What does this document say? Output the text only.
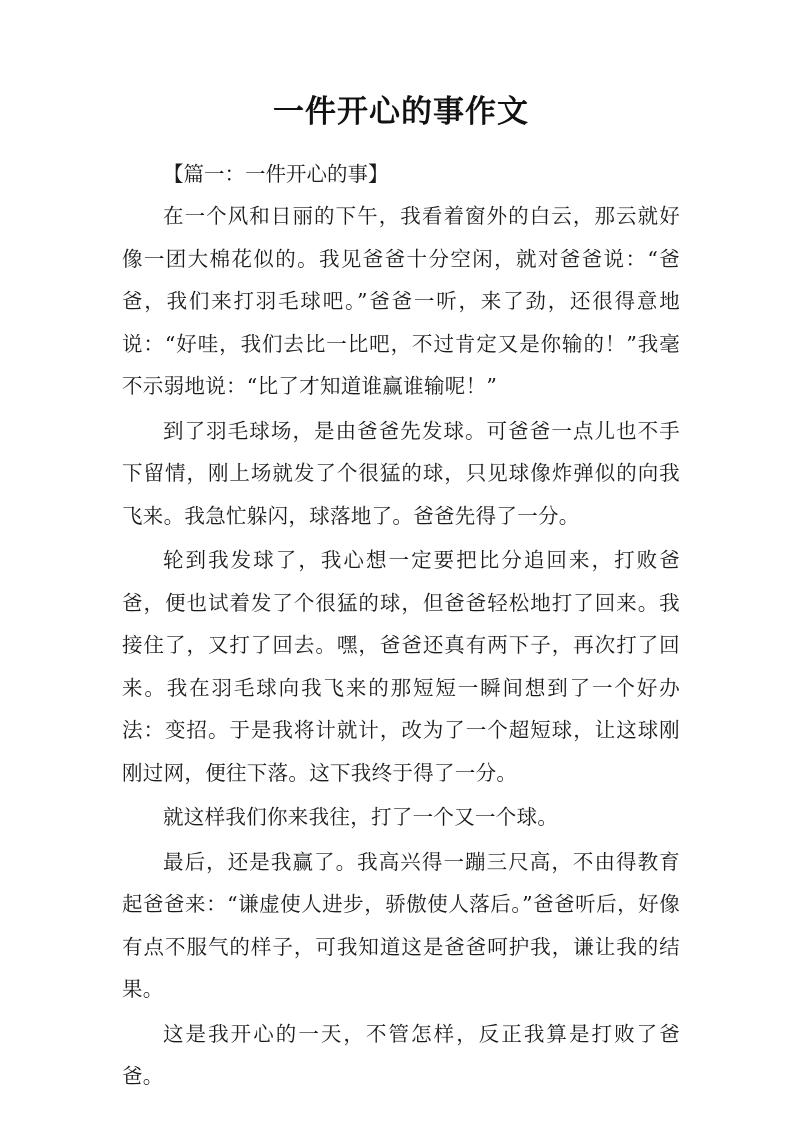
一件开心的事作文

【篇一：一件开心的事】

在一个风和日丽的下午，我看着窗外的白云，那云就好像一团大棉花似的。我见爸爸十分空闲，就对爸爸说：“爸爸，我们来打羽毛球吧。”爸爸一听，来了劲，还很得意地说：“好哇，我们去比一比吧，不过肯定又是你输的！”我毫不示弱地说：“比了才知道谁赢谁输呢！”

到了羽毛球场，是由爸爸先发球。可爸爸一点儿也不手下留情，刚上场就发了个很猛的球，只见球像炸弹似的向我飞来。我急忙躲闪，球落地了。爸爸先得了一分。

轮到我发球了，我心想一定要把比分追回来，打败爸爸，便也试着发了个很猛的球，但爸爸轻松地打了回来。我接住了，又打了回去。嘿，爸爸还真有两下子，再次打了回来。我在羽毛球向我飞来的那短短一瞬间想到了一个好办法：变招。于是我将计就计，改为了一个超短球，让这球刚刚过网，便往下落。这下我终于得了一分。

就这样我们你来我往，打了一个又一个球。

最后，还是我赢了。我高兴得一蹦三尺高，不由得教育起爸爸来：“谦虚使人进步，骄傲使人落后。”爸爸听后，好像有点不服气的样子，可我知道这是爸爸呵护我，谦让我的结果。

这是我开心的一天，不管怎样，反正我算是打败了爸爸。
